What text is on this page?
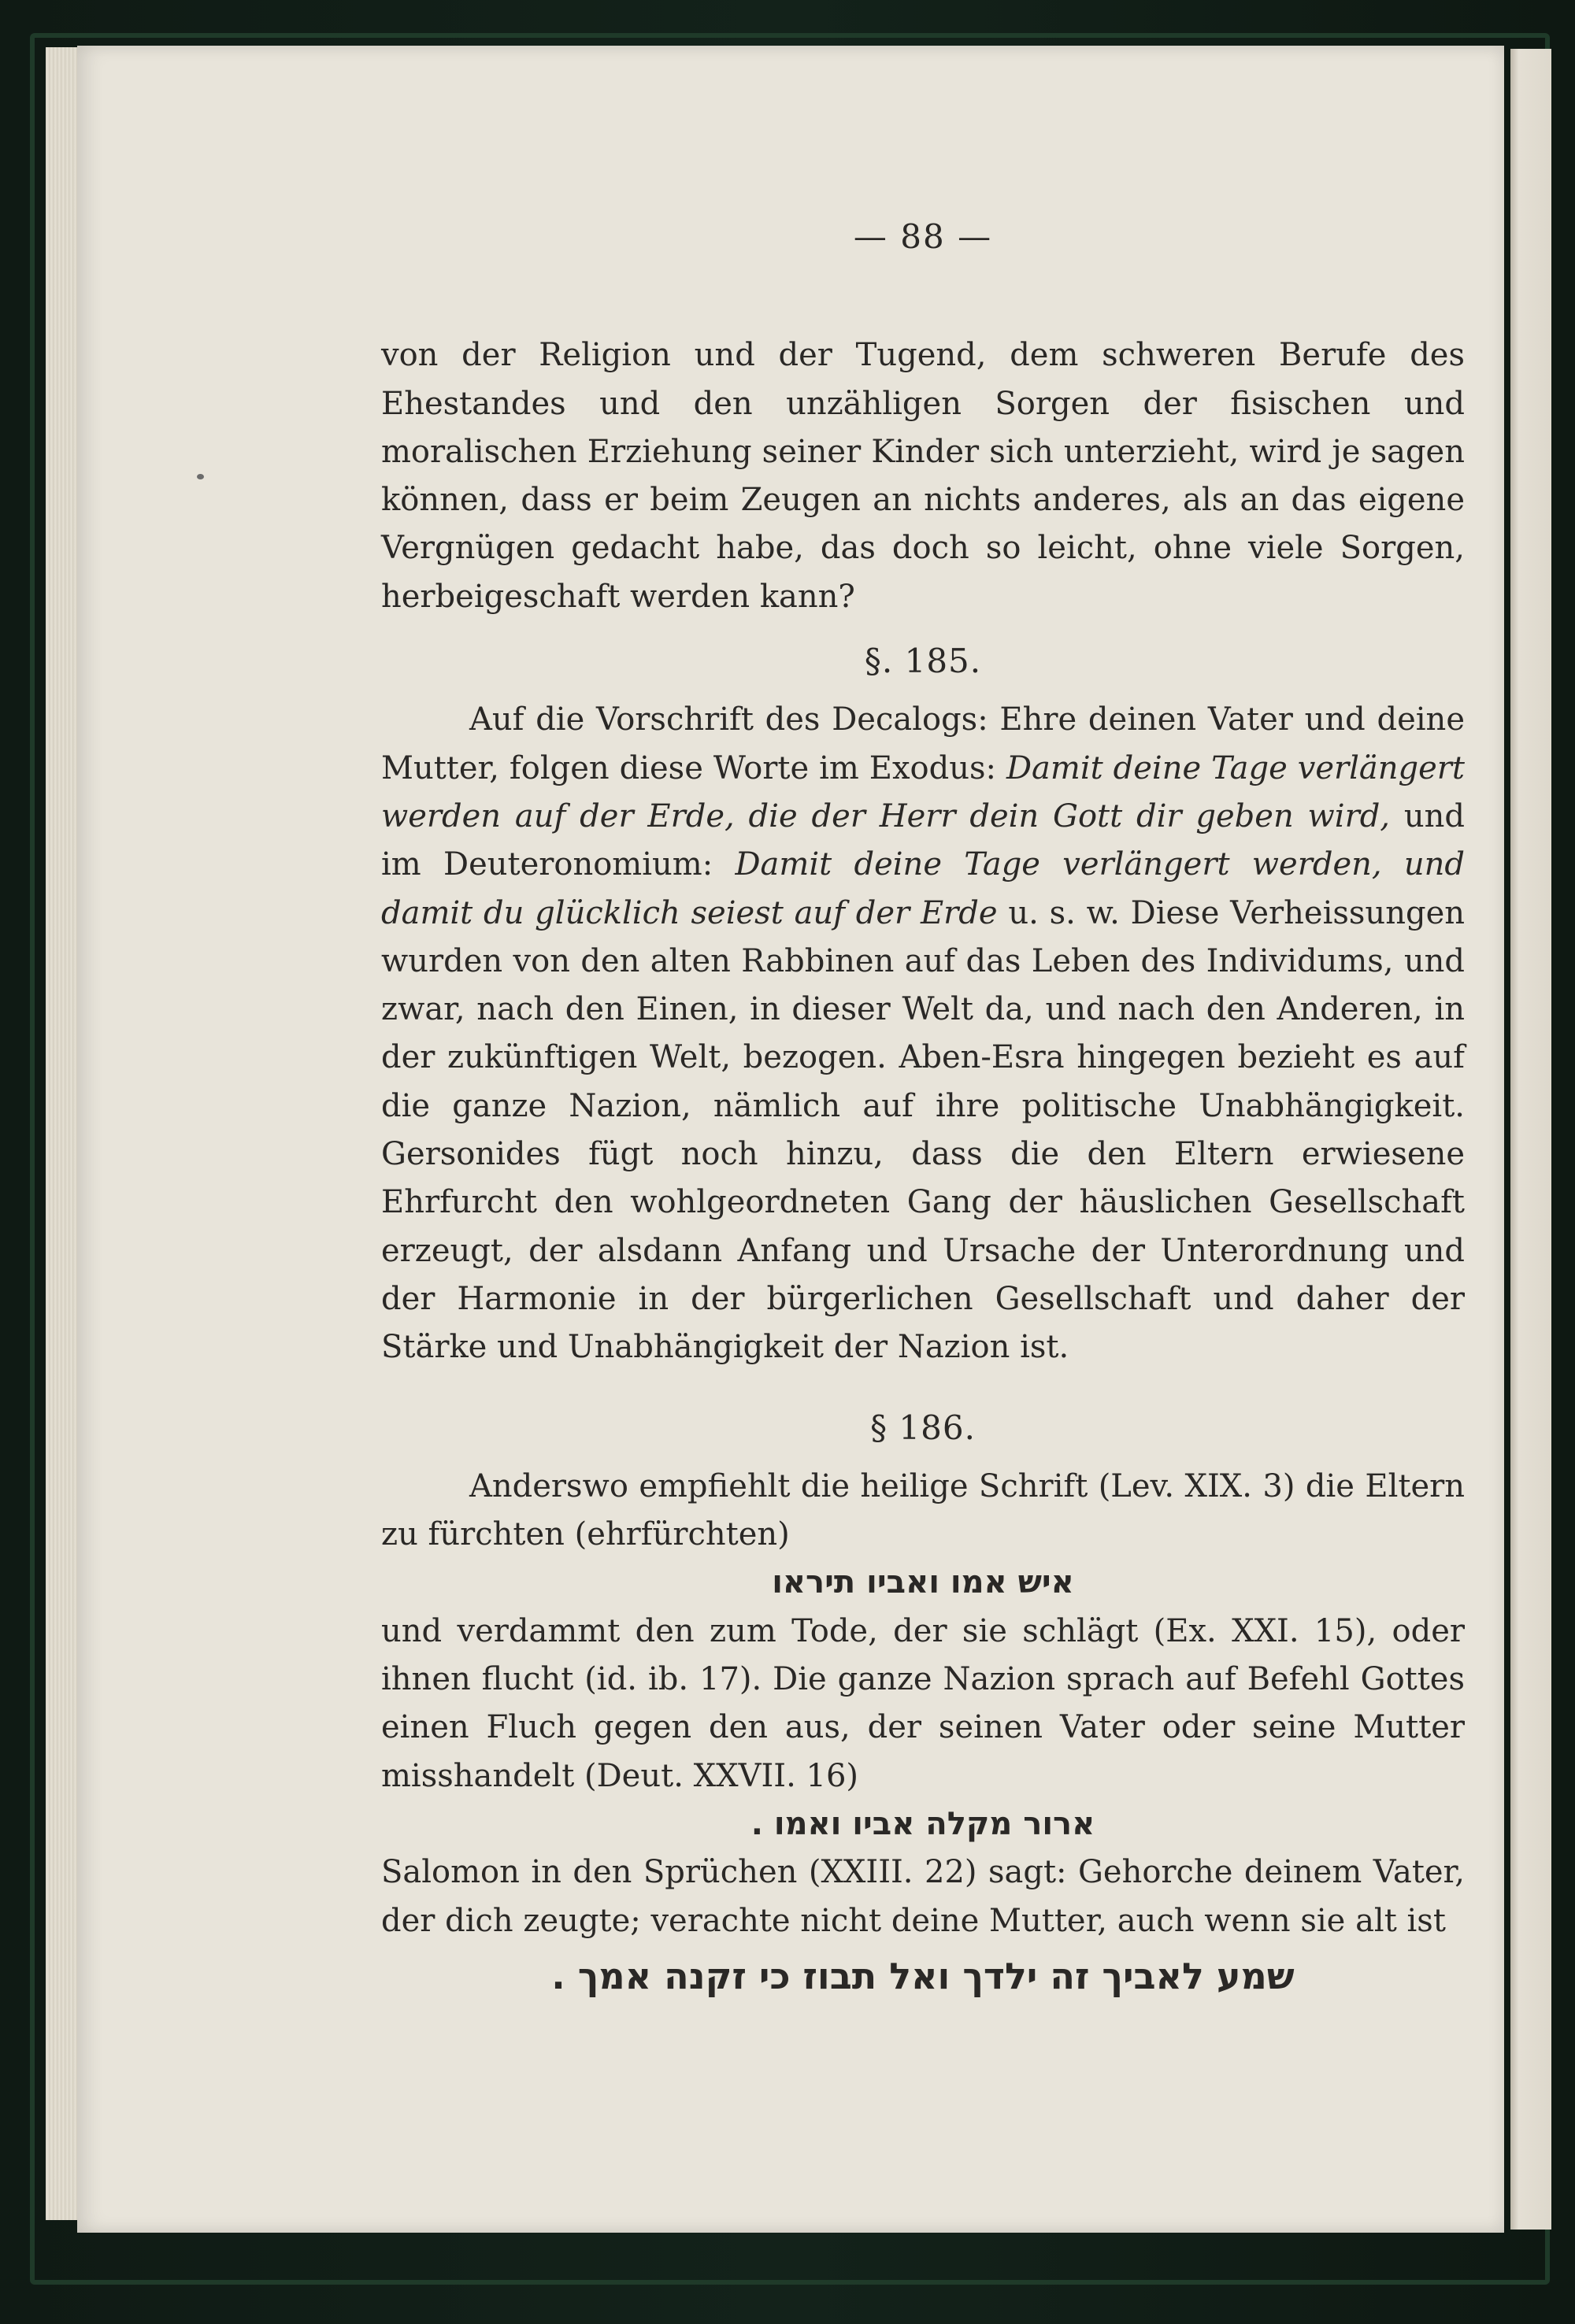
— 88 —

von der Religion und der Tugend, dem schweren Berufe des Ehestandes und den unzähligen Sorgen der fisischen und moralischen Erziehung seiner Kinder sich unterzieht, wird je sagen können, dass er beim Zeugen an nichts anderes, als an das eigene Vergnügen gedacht habe, das doch so leicht, ohne viele Sorgen, herbeigeschaft werden kann?

§. 185.

Auf die Vorschrift des Decalogs: Ehre deinen Vater und deine Mutter, folgen diese Worte im Exodus: Damit deine Tage verlängert werden auf der Erde, die der Herr dein Gott dir geben wird, und im Deuteronomium: Damit deine Tage verlängert werden, und damit du glücklich seiest auf der Erde u. s. w. Diese Verheissungen wurden von den alten Rabbinen auf das Leben des Individums, und zwar, nach den Einen, in dieser Welt da, und nach den Anderen, in der zukünftigen Welt, bezogen. Aben-Esra hingegen bezieht es auf die ganze Nazion, nämlich auf ihre politische Unabhängigkeit. Gersonides fügt noch hinzu, dass die den Eltern erwiesene Ehrfurcht den wohlgeordneten Gang der häuslichen Gesellschaft erzeugt, der alsdann Anfang und Ursache der Unterordnung und der Harmonie in der bürgerlichen Gesellschaft und daher der Stärke und Unabhängigkeit der Nazion ist.

§ 186.

Anderswo empfiehlt die heilige Schrift (Lev. XIX. 3) die Eltern zu fürchten (ehrfürchten)

איש אמו ואביו תיראו

und verdammt den zum Tode, der sie schlägt (Ex. XXI. 15), oder ihnen flucht (id. ib. 17). Die ganze Nazion sprach auf Befehl Gottes einen Fluch gegen den aus, der seinen Vater oder seine Mutter misshandelt (Deut. XXVII. 16)

ארור מקלה אביו ואמו .

Salomon in den Sprüchen (XXIII. 22) sagt: Gehorche deinem Vater, der dich zeugte; verachte nicht deine Mutter, auch wenn sie alt ist

שמע לאביך זה ילדך ואל תבוז כי זקנה אמך .
